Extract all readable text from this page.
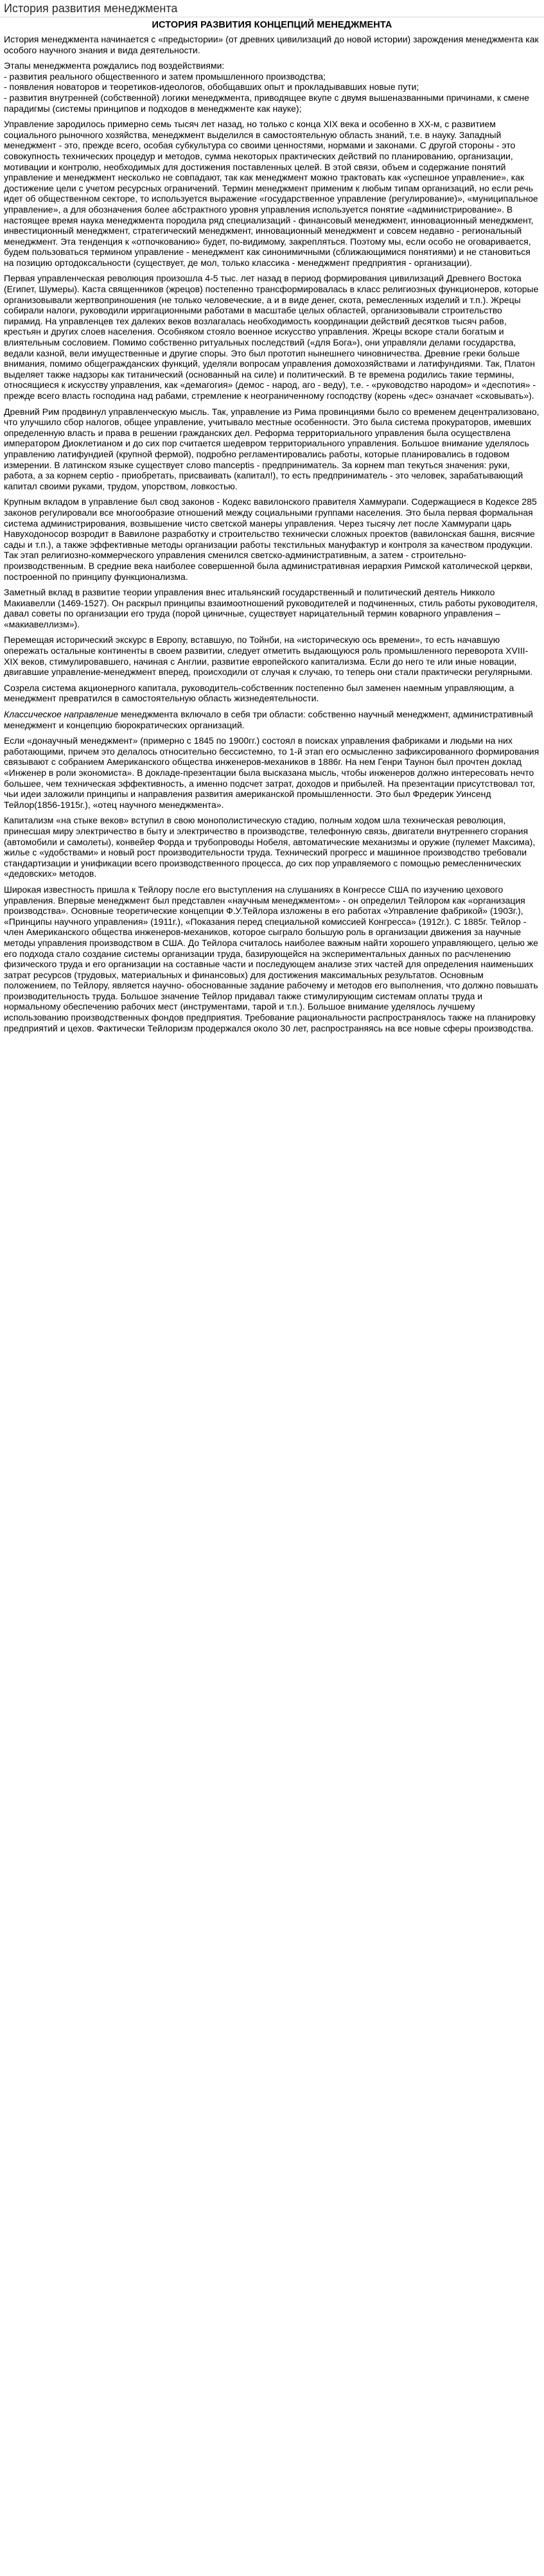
История развития менеджмента
ИСТОРИЯ РАЗВИТИЯ КОНЦЕПЦИЙ МЕНЕДЖМЕНТА

История менеджмента начинается с «предыстории» (от древних цивилизаций до новой истории) зарождения менеджмента как особого научного знания и вида деятельности.

Этапы менеджмента рождались под воздействиями:
- развития реального общественного и затем промышленного производства;
- появления новаторов и теоретиков-идеологов, обобщавших опыт и прокладывавших новые пути;
- развития внутренней (собственной) логики менеджмента, приводящее вкупе с двумя вышеназванными причинами, к смене парадигмы (системы принципов и подходов в менеджменте как науке);

Управление зародилось примерно семь тысяч лет назад, но только с конца XIX века и особенно в XX-м, с развитием социального рыночного хозяйства, менеджмент выделился в самостоятельную область знаний, т.е. в науку. Западный менеджмент - это, прежде всего, особая субкультура со своими ценностями, нормами и законами. С другой стороны - это совокупность технических процедур и методов, сумма некоторых практических действий по планированию, организации, мотивации и контролю, необходимых для достижения поставленных целей. В этой связи, объем и содержание понятий управление и менеджмент несколько не совпадают, так как менеджмент можно трактовать как «успешное управление», как достижение цели с учетом ресурсных ограничений. Термин менеджмент применим к любым типам организаций, но если речь идет об общественном секторе, то используется выражение «государственное управление (регулирование)», «муниципальное управление», а для обозначения более абстрактного уровня управления используется понятие «администрирование». В настоящее время наука менеджмента породила ряд специализаций - финансовый менеджмент, инновационный менеджмент, инвестиционный менеджмент, стратегический менеджмент, инновационный менеджмент и совсем недавно - региональный менеджмент. Эта тенденция к «отпочкованию» будет, по-видимому, закрепляться. Поэтому мы, если особо не оговаривается, будем пользоваться термином управление - менеджмент как синонимичными (сближающимися понятиями) и не становиться на позицию ортодоксальности (существует, де мол, только классика - менеджмент предприятия - организации).

Первая управленческая революция произошла 4-5 тыс. лет назад в период формирования цивилизаций Древнего Востока (Египет, Шумеры). Каста священников (жрецов) постепенно трансформировалась в класс религиозных функционеров, которые организовывали жертвоприношения (не только человеческие, а и в виде денег, скота, ремесленных изделий и т.п.). Жрецы собирали налоги, руководили ирригационными работами в масштабе целых областей, организовывали строительство пирамид. На управленцев тех далеких веков возлагалась необходимость координации действий десятков тысяч рабов, крестьян и других слоев населения. Особняком стояло военное искусство управления. Жрецы вскоре стали богатым и влиятельным сословием. Помимо собственно ритуальных последствий («для Бога»), они управляли делами государства, ведали казной, вели имущественные и другие споры. Это был прототип нынешнего чиновничества. Древние греки больше внимания, помимо общегражданских функций, уделяли вопросам управления домохозяйствами и латифундиями. Так, Платон выделяет также надзоры как титанический (основанный на силе) и политический. В те времена родились такие термины, относящиеся к искусству управления, как «демагогия» (демос - народ, аго - веду), т.е. - «руководство народом» и «деспотия» - прежде всего власть господина над рабами, стремление к неограниченному господству (корень «дес» означает «сковывать»).

Древний Рим продвинул управленческую мысль. Так, управление из Рима провинциями было со временем децентрализовано, что улучшило сбор налогов, общее управление, учитывало местные особенности. Это была система прокураторов, имевших определенную власть и права в решении гражданских дел. Реформа территориального управления была осуществлена императором Диоклетианом и до сих пор считается шедевром территориального управления. Большое внимание уделялось управлению латифундией (крупной фермой), подробно регламентировались работы, которые планировались в годовом измерении. В латинском языке существует слово manceptis - предприниматель. За корнем man текуться значения: руки, работа, а за корнем ceptio - приобретать, присваивать (капитал!), то есть предприниматель - это человек, зарабатывающий капитал своими руками, трудом, упорством, ловкостью.

Крупным вкладом в управление был свод законов - Кодекс вавилонского правителя Хаммурапи. Содержащиеся в Кодексе 285 законов регулировали все многообразие отношений между социальными группами населения. Это была первая формальная система администрирования, возвышение чисто светской манеры управления. Через тысячу лет после Хаммурапи царь Навуходоносор возродит в Вавилоне разработку и строительство технически сложных проектов (вавилонская башня, висячие сады и т.п.), а также эффективные методы организации работы текстильных мануфактур и контроля за качеством продукции. Так этап религиозно-коммерческого управления сменился светско-административным, а затем - строительно-производственным. В средние века наиболее совершенной была административная иерархия Римской католической церкви, построенной по принципу функционализма.

Заметный вклад в развитие теории управления внес итальянский государственный и политический деятель Никколо Макиавелли (1469-1527). Он раскрыл принципы взаимоотношений руководителей и подчиненных, стиль работы руководителя, давал советы по организации его труда (порой циничные, существует нарицательный термин коварного управления – «макиавеллизм»).

Перемещая исторический экскурс в Европу, вставшую, по Тойнби, на «историческую ось времени», то есть начавшую опережать остальные континенты в своем развитии, следует отметить выдающуюся роль промышленного переворота XVIII-XIX веков, стимулировавшего, начиная с Англии, развитие европейского капитализма. Если до него те или иные новации, двигавшие управление-менеджмент вперед, происходили от случая к случаю, то теперь они стали практически регулярными.

Созрела система акционерного капитала, руководитель-собственник постепенно был заменен наемным управляющим, а менеджмент превратился в самостоятельную область жизнедеятельности.

Классическое направление менеджмента включало в себя три области: собственно научный менеджмент, административный менеджмент и концепцию бюрократических организаций.

Если «донаучный менеджмент» (примерно с 1845 по 1900гг.) состоял в поисках управления фабриками и людьми на них работающими, причем это делалось относительно бессистемно, то 1-й этап его осмысленно зафиксированного формирования связывают с собранием Американского общества инженеров-механиков в 1886г. На нем Генри Таунон был прочтен доклад «Инженер в роли экономиста». В докладе-презентации была высказана мысль, чтобы инженеров должно интересовать нечто большее, чем техническая эффективность, а именно подсчет затрат, доходов и прибылей. На презентации присутствовал тот, чьи идеи заложили принципы и направления развития американской промышленности. Это был Фредерик Уинсенд Тейлор(1856-1915г.), «отец научного менеджмента».

Капитализм «на стыке веков» вступил в свою монополистическую стадию, полным ходом шла техническая революция, принесшая миру электричество в быту и электричество в производстве, телефонную связь, двигатели внутреннего сгорания (автомобили и самолеты), конвейер Форда и трубопроводы Нобеля, автоматические механизмы и оружие (пулемет Максима), жилье с «удобствами» и новый рост производительности труда. Технический прогресс и машинное производство требовали стандартизации и унификации всего производственного процесса, до сих пор управляемого с помощью ремесленнических «дедовских» методов.

Широкая известность пришла к Тейлору после его выступления на слушаниях в Конгрессе США по изучению цехового управления. Впервые менеджмент был представлен «научным менеджментом» - он определил Тейлором как «организация производства». Основные теоретические концепции Ф.У.Тейлора изложены в его работах «Управление фабрикой» (1903г.), «Принципы научного управления» (1911г.), «Показания перед специальной комиссией Конгресса» (1912г.). С 1885г. Тейлор - член Американского общества инженеров-механиков, которое сыграло большую роль в организации движения за научные методы управления производством в США. До Тейлора считалось наиболее важным найти хорошего управляющего, целью же его подхода стало создание системы организации труда, базирующейся на экспериментальных данных по расчленению физического труда и его организации на составные части и последующем анализе этих частей для определения наименьших затрат ресурсов (трудовых, материальных и финансовых) для достижения максимальных результатов. Основным положением, по Тейлору, является научно- обоснованные задание рабочему и методов его выполнения, что должно повышать производительность труда. Большое значение Тейлор придавал также стимулирующим системам оплаты труда и нормальному обеспечению рабочих мест (инструментами, тарой и т.п.). Большое внимание уделялось лучшему использованию производственных фондов предприятия. Требование рациональности распространялось также на планировку предприятий и цехов. Фактически Тейлоризм продержался около 30 лет, распространяясь на все новые сферы производства.
